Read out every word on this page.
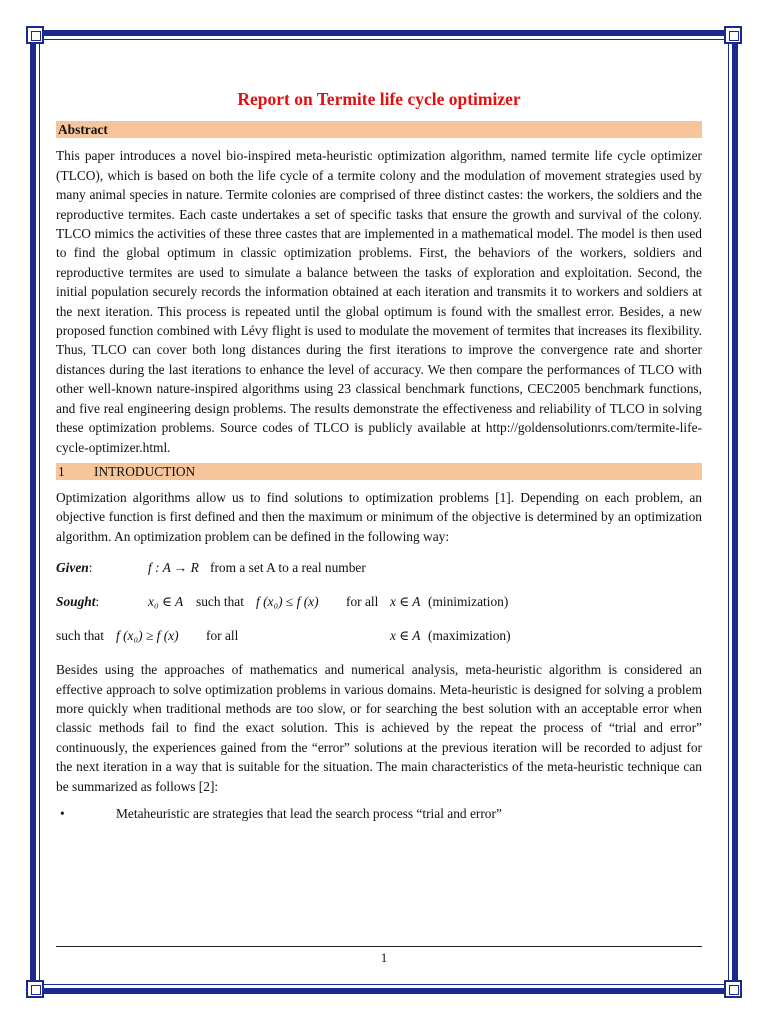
Report on Termite life cycle optimizer
Abstract

This paper introduces a novel bio-inspired meta-heuristic optimization algorithm, named termite life cycle optimizer (TLCO), which is based on both the life cycle of a termite colony and the modulation of movement strategies used by many animal species in nature. Termite colonies are comprised of three distinct castes: the workers, the soldiers and the reproductive termites. Each caste undertakes a set of specific tasks that ensure the growth and survival of the colony. TLCO mimics the activities of these three castes that are implemented in a mathematical model. The model is then used to find the global optimum in classic optimization problems. First, the behaviors of the workers, soldiers and reproductive termites are used to simulate a balance between the tasks of exploration and exploitation. Second, the initial population securely records the information obtained at each iteration and transmits it to workers and soldiers at the next iteration. This process is repeated until the global optimum is found with the smallest error. Besides, a new proposed function combined with Lévy flight is used to modulate the movement of termites that increases its flexibility. Thus, TLCO can cover both long distances during the first iterations to improve the convergence rate and shorter distances during the last iterations to enhance the level of accuracy. We then compare the performances of TLCO with other well-known nature-inspired algorithms using 23 classical benchmark functions, CEC2005 benchmark functions, and five real engineering design problems. The results demonstrate the effectiveness and reliability of TLCO in solving these optimization problems. Source codes of TLCO is publicly available at http://goldensolutionrs.com/termite-life-cycle-optimizer.html.

1 INTRODUCTION

Optimization algorithms allow us to find solutions to optimization problems [1]. Depending on each problem, an objective function is first defined and then the maximum or minimum of the objective is determined by an optimization algorithm. An optimization problem can be defined in the following way:

Given:	f : A → R from a set A to a real number
Sought:	x₀ ∈ A such that f (x₀) ≤ f (x) for all x ∈ A (minimization)
such that f (x₀) ≥ f (x) for all	x ∈ A (maximization)

Besides using the approaches of mathematics and numerical analysis, meta-heuristic algorithm is considered an effective approach to solve optimization problems in various domains. Meta-heuristic is designed for solving a problem more quickly when traditional methods are too slow, or for searching the best solution with an acceptable error when classic methods fail to find the exact solution. This is achieved by the repeat the process of “trial and error” continuously, the experiences gained from the “error” solutions at the previous iteration will be recorded to adjust for the next iteration in a way that is suitable for the situation. The main characteristics of the meta-heuristic technique can be summarized as follows [2]:

•	Metaheuristic are strategies that lead the search process “trial and error”
1
